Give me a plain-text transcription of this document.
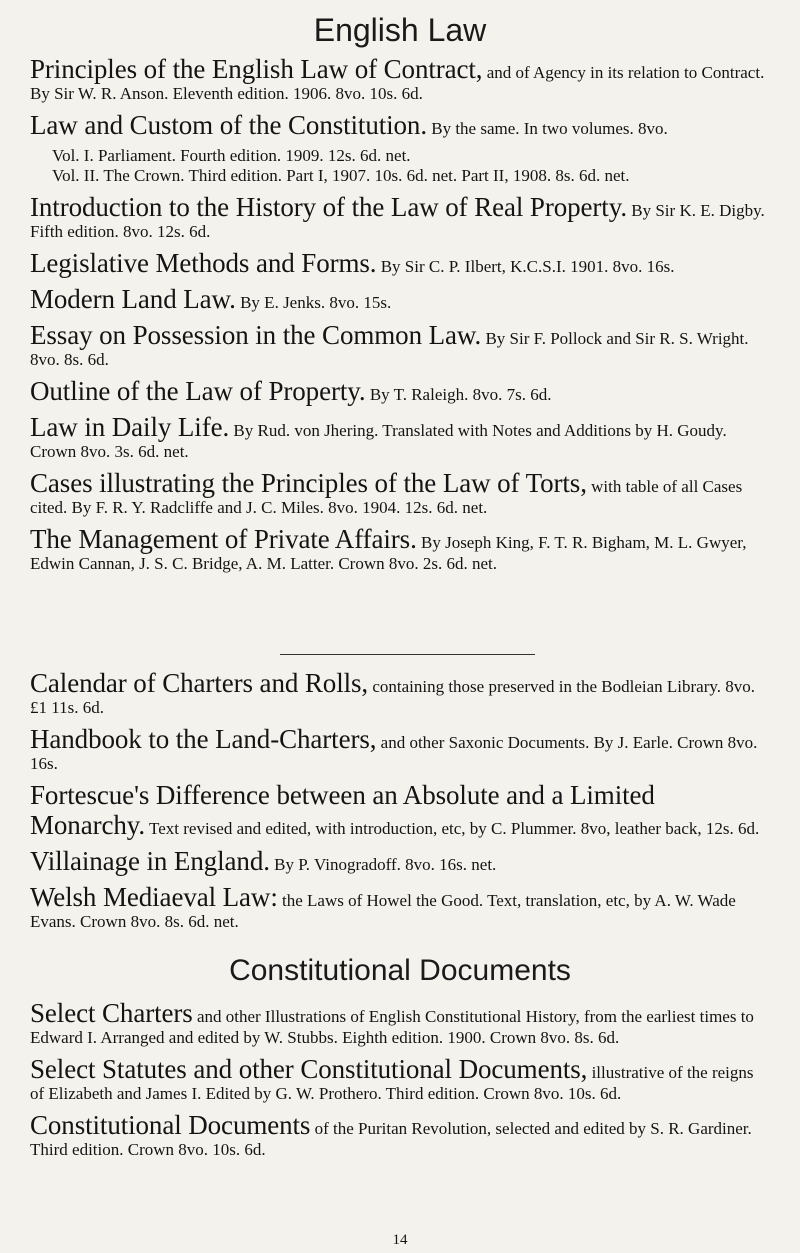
English Law
Principles of the English Law of Contract, and of Agency in its relation to Contract. By Sir W. R. Anson. Eleventh edition. 1906. 8vo. 10s. 6d.
Law and Custom of the Constitution. By the same. In two volumes. 8vo.
Vol. I. Parliament. Fourth edition. 1909. 12s. 6d. net.
Vol. II. The Crown. Third edition. Part I, 1907. 10s. 6d. net. Part II, 1908. 8s. 6d. net.
Introduction to the History of the Law of Real Property. By Sir K. E. Digby. Fifth edition. 8vo. 12s. 6d.
Legislative Methods and Forms. By Sir C. P. Ilbert, K.C.S.I. 1901. 8vo. 16s.
Modern Land Law. By E. Jenks. 8vo. 15s.
Essay on Possession in the Common Law. By Sir F. Pollock and Sir R. S. Wright. 8vo. 8s. 6d.
Outline of the Law of Property. By T. Raleigh. 8vo. 7s. 6d.
Law in Daily Life. By Rud. von Jhering. Translated with Notes and Additions by H. Goudy. Crown 8vo. 3s. 6d. net.
Cases illustrating the Principles of the Law of Torts, with table of all Cases cited. By F. R. Y. Radcliffe and J. C. Miles. 8vo. 1904. 12s. 6d. net.
The Management of Private Affairs. By Joseph King, F. T. R. Bigham, M. L. Gwyer, Edwin Cannan, J. S. C. Bridge, A. M. Latter. Crown 8vo. 2s. 6d. net.
Calendar of Charters and Rolls, containing those preserved in the Bodleian Library. 8vo. £1 11s. 6d.
Handbook to the Land-Charters, and other Saxonic Documents. By J. Earle. Crown 8vo. 16s.
Fortescue's Difference between an Absolute and a Limited Monarchy. Text revised and edited, with introduction, etc, by C. Plummer. 8vo, leather back, 12s. 6d.
Villainage in England. By P. Vinogradoff. 8vo. 16s. net.
Welsh Mediaeval Law: the Laws of Howel the Good. Text, translation, etc, by A. W. Wade Evans. Crown 8vo. 8s. 6d. net.
Constitutional Documents
Select Charters and other Illustrations of English Constitutional History, from the earliest times to Edward I. Arranged and edited by W. Stubbs. Eighth edition. 1900. Crown 8vo. 8s. 6d.
Select Statutes and other Constitutional Documents, illustrative of the reigns of Elizabeth and James I. Edited by G. W. Prothero. Third edition. Crown 8vo. 10s. 6d.
Constitutional Documents of the Puritan Revolution, selected and edited by S. R. Gardiner. Third edition. Crown 8vo. 10s. 6d.
14
